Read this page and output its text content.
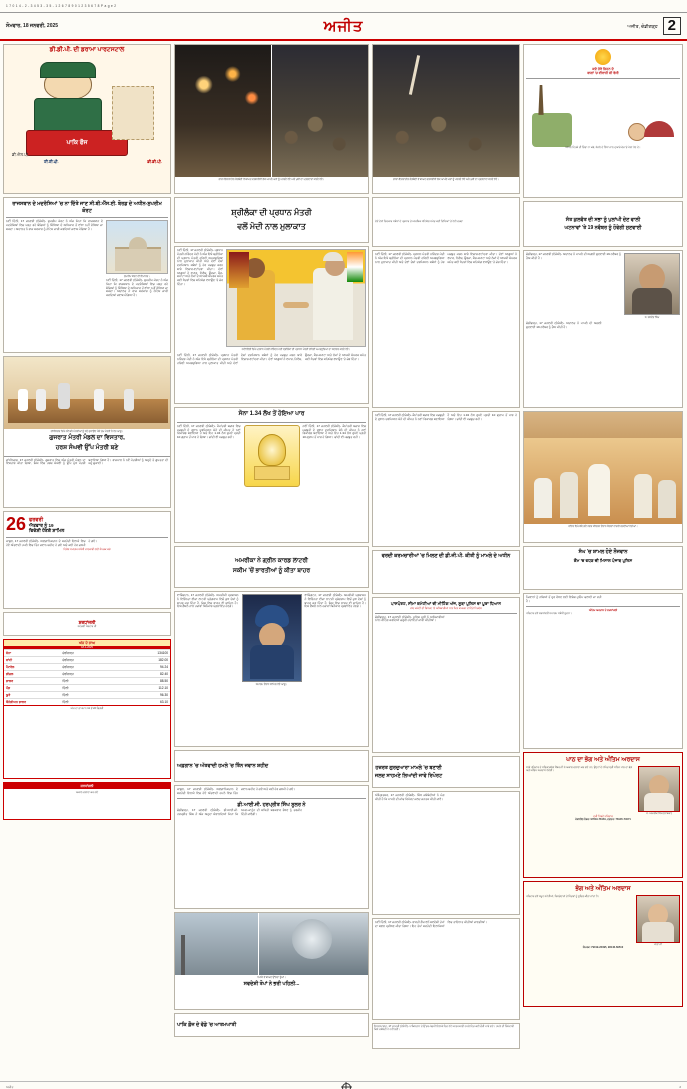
1 7 0 1 4 - 2 - 3 4 5 3 - 3 5 - 1 2 6 7 8 9 0 1 2 3 5 6 7 8 P a g e 2
ਸੋਮਵਾਰ, 18 ਜਨਵਰੀ, 2025	ਅਜੀਤ	ਅਜੀਤ, ਚੰਡੀਗੜ੍ਹ 2
ਡੀ.ਡੀ.ਪੀ. ਦੀ ਡਰਾਮਾ ਪਾਰਟਸਟਾਲ
ਪਾਕਿ ਫੌਜ
ਡੀ.ਡੀ.ਪੀ.
ਟੀ.ਟੀ.ਪੀ.
ਡੀ.ਐਲ.ਪੀ.
ਰਾਜਸਥਾਨ ਦੇ ਮਦਰੱਸਿਆਂ 'ਚ ਨਾ ਦਿੱਤੇ ਜਾਣ ਸੀ.ਬੀ.ਐੱਸ.ਈ. ਬੋਰਡ ਦੇ ਅਧੀਨ-ਸੁਪਰੀਮ ਕੋਰਟ
ਨਵੀਂ ਦਿੱਲੀ, 17 ਜਨਵਰੀ (ਏਜੰਸੀ)- ਸੁਪਰੀਮ ਕੋਰਟ ਨੇ ਅੱਜ ਕਿਹਾ ਕਿ ਰਾਜਸਥਾਨ ਦੇ ਮਦਰੱਸਿਆਂ ਵਿਚ ਪੜ੍ਹ ਰਹੇ ਬੱਚਿਆਂ ਨੂੰ ਸਿੱਖਿਆ ਦੇ ਅਧਿਕਾਰ ਤੋਂ ਵਾਂਝਾ ਨਹੀਂ ਰੱਖਿਆ ਜਾ ਸਕਦਾ। ਅਦਾਲਤ ਨੇ ਰਾਜ ਸਰਕਾਰ ਨੂੰ ਨੋਟਿਸ ਜਾਰੀ ਕਰਦਿਆਂ ਜਵਾਬ ਮੰਗਿਆ ਹੈ।
ਸੁਪਰੀਮ ਕੋਰਟ ਦੀ ਇਮਾਰਤ।
ਨਵੀਂ ਦਿੱਲੀ, 17 ਜਨਵਰੀ (ਏਜੰਸੀ)- ਸੁਪਰੀਮ ਕੋਰਟ ਨੇ ਅੱਜ ਕਿਹਾ ਕਿ ਰਾਜਸਥਾਨ ਦੇ ਮਦਰੱਸਿਆਂ ਵਿਚ ਪੜ੍ਹ ਰਹੇ ਬੱਚਿਆਂ ਨੂੰ ਸਿੱਖਿਆ ਦੇ ਅਧਿਕਾਰ ਤੋਂ ਵਾਂਝਾ ਨਹੀਂ ਰੱਖਿਆ ਜਾ ਸਕਦਾ। ਅਦਾਲਤ ਨੇ ਰਾਜ ਸਰਕਾਰ ਨੂੰ ਨੋਟਿਸ ਜਾਰੀ ਕਰਦਿਆਂ ਜਵਾਬ ਮੰਗਿਆ ਹੈ।
ਗਾਂਧੀਨਗਰ ਵਿਖੇ ਨਵੇਂ ਬਣੇ ਮੰਤਰੀਆਂ ਨੂੰ ਸਹੁੰ ਚੁਕਾਉਣ ਮੌਕੇ ਮੁੱਖ ਮੰਤਰੀ ਤੇ ਹੋਰ ਆਗੂ।
ਗੁਜਰਾਤ ਮੰਤਰੀ ਮੰਡਲ ਦਾ ਵਿਸਤਾਰ,
ਹਰਸ਼ ਸੰਘਵੀ ਉੱਪ ਮੰਤਰੀ ਬਣੇ
ਗਾਂਧੀਨਗਰ, 17 ਜਨਵਰੀ (ਏਜੰਸੀ)- ਗੁਜਰਾਤ ਵਿਚ ਅੱਜ ਮੰਤਰੀ ਮੰਡਲ ਦਾ ਵਿਸਤਾਰ ਕੀਤਾ ਗਿਆ, ਜਿਸ ਵਿਚ ਹਰਸ਼ ਸੰਘਵੀ ਨੂੰ ਉੱਪ ਮੁੱਖ ਮੰਤਰੀ ਬਣਾਇਆ ਗਿਆ ਹੈ। ਰਾਜਪਾਲ ਨੇ ਨਵੇਂ ਮੰਤਰੀਆਂ ਨੂੰ ਅਹੁਦੇ ਤੇ ਗੁਪਤਤਾ ਦੀ ਸਹੁੰ ਚੁਕਾਈ।
26 ਫਰਵਰੀ
ਐਤਵਾਰ ਨੂੰ 19
ਵਿਦੇਸ਼ੀ ਹੋਣਗੇ ਸ਼ਾਮਿਲ
ਕਾਬੁਲ, 17 ਜਨਵਰੀ (ਏਜੰਸੀ)- ਅਫ਼ਗਾਨਿਸਤਾਨ ਦੇ ਸਰਹੱਦੀ ਇਲਾਕੇ ਵਿਚ ਹੋਏ ਅੱਤਵਾਦੀ ਹਮਲੇ ਵਿਚ ਤਿੰਨ ਜਵਾਨ ਸ਼ਹੀਦ ਹੋ ਗਏ ਅਤੇ ਕਈ ਹੋਰ ਜ਼ਖ਼ਮੀ ਹੋ ਗਏ।
ਵਿਸ਼ੇਸ਼ ਸਮਾਗਮ ਸਬੰਧੀ ਜਾਣਕਾਰੀ ਲਈ ਸੰਪਰਕ ਕਰੋ
ਸ਼ਰਧਾਂਜਲੀ
ਸਵਰਗੀ ਸਰਦਾਰ ਜੀ
ਅੱਜ ਦੇ ਭਾਅ
18-1-2025
ਸੋਨਾ	ਚੰਡੀਗੜ੍ਹ	134100
ਚਾਂਦੀ	ਚੰਡੀਗੜ੍ਹ	182.00
ਪੈਟਰੋਲ	ਚੰਡੀਗੜ੍ਹ	94.24
ਡੀਜ਼ਲ	ਚੰਡੀਗੜ੍ਹ	82.40
ਡਾਲਰ	ਦਿੱਲੀ	88.50
ਪੌਂਡ	ਦਿੱਲੀ	112.10
ਯੂਰੋ	ਦਿੱਲੀ	96.30
ਕੈਨੇਡੀਅਨ ਡਾਲਰ	ਦਿੱਲੀ	63.10
ਅੱਜ ਦਾ ਤਾਪਮਾਨ 11 ਤੋਂ 22 ਡਿਗਰੀ
ਸ਼ਰਧਾਂਜਲੀ
ਅਕਾਲ ਚਲਾਣਾ ਕਰ ਗਏ
ਗਾਜ਼ਾ-ਇਜ਼ਰਾਈਲ ਜੰਗਬੰਦੀ ਤੋਂ ਬਾਅਦ ਫਲਸਤੀਨੀ ਲੋਕ ਆਪਣੇ ਘਰਾਂ ਨੂੰ ਪਰਤਦੇ ਹੋਏ ਅਤੇ ਖੁਸ਼ੀ ਦਾ ਪ੍ਰਗਟਾਵਾ ਕਰਦੇ ਹੋਏ।
ਸ਼੍ਰੀਲੰਕਾ ਦੀ ਪ੍ਰਧਾਨ ਮੰਤਰੀ
ਵਲੋਂ ਮੋਦੀ ਨਾਲ ਮੁਲਾਕਾਤ
ਨਵੀਂ ਦਿੱਲੀ, 17 ਜਨਵਰੀ (ਏਜੰਸੀ)- ਪ੍ਰਧਾਨ ਮੰਤਰੀ ਨਰਿੰਦਰ ਮੋਦੀ ਨੇ ਅੱਜ ਇਥੇ ਸ਼੍ਰੀਲੰਕਾ ਦੀ ਪ੍ਰਧਾਨ ਮੰਤਰੀ ਹਰਿਣੀ ਅਮਰਸੂਰਿਆ ਨਾਲ ਮੁਲਾਕਾਤ ਕੀਤੀ ਅਤੇ ਦੋਵਾਂ ਦੇਸ਼ਾਂ ਦਰਮਿਆਨ ਸਬੰਧਾਂ ਨੂੰ ਹੋਰ ਮਜ਼ਬੂਤ ਕਰਨ ਬਾਰੇ ਵਿਚਾਰ-ਵਟਾਂਦਰਾ ਕੀਤਾ। ਦੋਵਾਂ ਆਗੂਆਂ ਨੇ ਵਪਾਰ, ਨਿਵੇਸ਼, ਊਰਜਾ, ਸੈਰ-ਸਪਾਟਾ ਅਤੇ ਲੋਕਾਂ ਦੇ ਆਪਸੀ ਸੰਪਰਕ ਸਮੇਤ ਕਈ ਖੇਤਰਾਂ ਵਿਚ ਸਹਿਯੋਗ ਵਧਾਉਣ 'ਤੇ ਜ਼ੋਰ ਦਿੱਤਾ।
ਨਵੀਂ ਦਿੱਲੀ ਵਿਖੇ ਪ੍ਰਧਾਨ ਮੰਤਰੀ ਨਰਿੰਦਰ ਮੋਦੀ ਸ਼੍ਰੀਲੰਕਾ ਦੀ ਪ੍ਰਧਾਨ ਮੰਤਰੀ ਹਰਿਣੀ ਅਮਰਸੂਰਿਆ ਦਾ ਸਵਾਗਤ ਕਰਦੇ ਹੋਏ।
ਨਵੀਂ ਦਿੱਲੀ, 17 ਜਨਵਰੀ (ਏਜੰਸੀ)- ਪ੍ਰਧਾਨ ਮੰਤਰੀ ਨਰਿੰਦਰ ਮੋਦੀ ਨੇ ਅੱਜ ਇਥੇ ਸ਼੍ਰੀਲੰਕਾ ਦੀ ਪ੍ਰਧਾਨ ਮੰਤਰੀ ਹਰਿਣੀ ਅਮਰਸੂਰਿਆ ਨਾਲ ਮੁਲਾਕਾਤ ਕੀਤੀ ਅਤੇ ਦੋਵਾਂ ਦੇਸ਼ਾਂ ਦਰਮਿਆਨ ਸਬੰਧਾਂ ਨੂੰ ਹੋਰ ਮਜ਼ਬੂਤ ਕਰਨ ਬਾਰੇ ਵਿਚਾਰ-ਵਟਾਂਦਰਾ ਕੀਤਾ। ਦੋਵਾਂ ਆਗੂਆਂ ਨੇ ਵਪਾਰ, ਨਿਵੇਸ਼, ਊਰਜਾ, ਸੈਰ-ਸਪਾਟਾ ਅਤੇ ਲੋਕਾਂ ਦੇ ਆਪਸੀ ਸੰਪਰਕ ਸਮੇਤ ਕਈ ਖੇਤਰਾਂ ਵਿਚ ਸਹਿਯੋਗ ਵਧਾਉਣ 'ਤੇ ਜ਼ੋਰ ਦਿੱਤਾ।
ਸੋਨਾ 1.34 ਲੱਖ ਤੋਂ ਹੋਇਆ ਪਾਰ
ਨਵੀਂ ਦਿੱਲੀ, 17 ਜਨਵਰੀ (ਏਜੰਸੀ)- ਕੌਮਾਂਤਰੀ ਬਜ਼ਾਰ ਵਿਚ ਮਜ਼ਬੂਤੀ ਦੇ ਰੁਝਾਨ ਦਰਮਿਆਨ ਸੋਨੇ ਦੀ ਕੀਮਤ ਨੇ ਨਵਾਂ ਰਿਕਾਰਡ ਬਣਾਇਆ ਹੈ ਅਤੇ ਇਹ 1.34 ਲੱਖ ਰੁਪਏ ਪ੍ਰਤੀ 10 ਗ੍ਰਾਮ ਤੋਂ ਪਾਰ ਹੋ ਗਿਆ। ਚਾਂਦੀ ਵੀ ਮਜ਼ਬੂਤ ਰਹੀ।
ਨਵੀਂ ਦਿੱਲੀ, 17 ਜਨਵਰੀ (ਏਜੰਸੀ)- ਕੌਮਾਂਤਰੀ ਬਜ਼ਾਰ ਵਿਚ ਮਜ਼ਬੂਤੀ ਦੇ ਰੁਝਾਨ ਦਰਮਿਆਨ ਸੋਨੇ ਦੀ ਕੀਮਤ ਨੇ ਨਵਾਂ ਰਿਕਾਰਡ ਬਣਾਇਆ ਹੈ ਅਤੇ ਇਹ 1.34 ਲੱਖ ਰੁਪਏ ਪ੍ਰਤੀ 10 ਗ੍ਰਾਮ ਤੋਂ ਪਾਰ ਹੋ ਗਿਆ। ਚਾਂਦੀ ਵੀ ਮਜ਼ਬੂਤ ਰਹੀ।
ਅਮਰੀਕਾ ਨੇ ਗ੍ਰੀਨ ਕਾਰਡ ਲਾਟਰੀ
ਸਕੀਮ 'ਚੋਂ ਭਾਰਤੀਆਂ ਨੂੰ ਕੀਤਾ ਬਾਹਰ
ਵਾਸ਼ਿੰਗਟਨ, 17 ਜਨਵਰੀ (ਏਜੰਸੀ)- ਅਮਰੀਕੀ ਪ੍ਰਸ਼ਾਸਨ ਨੇ ਵਿਭਿੰਨਤਾ ਵੀਜ਼ਾ ਲਾਟਰੀ ਪ੍ਰੋਗਰਾਮ ਵਿਚੋਂ ਕੁਝ ਦੇਸ਼ਾਂ ਨੂੰ ਬਾਹਰ ਕਰ ਦਿੱਤਾ ਹੈ, ਜਿਸ ਵਿਚ ਭਾਰਤ ਵੀ ਸ਼ਾਮਿਲ ਹੈ। ਇਸ ਫ਼ੈਸਲੇ ਨਾਲ ਹਜ਼ਾਰਾਂ ਬਿਨੈਕਾਰ ਪ੍ਰਭਾਵਿਤ ਹੋਣਗੇ।
ਸਮਾਗਮ ਦੌਰਾਨ ਸ਼ਾਮਿਲ ਹੋਏ ਆਗੂ।
ਵਾਸ਼ਿੰਗਟਨ, 17 ਜਨਵਰੀ (ਏਜੰਸੀ)- ਅਮਰੀਕੀ ਪ੍ਰਸ਼ਾਸਨ ਨੇ ਵਿਭਿੰਨਤਾ ਵੀਜ਼ਾ ਲਾਟਰੀ ਪ੍ਰੋਗਰਾਮ ਵਿਚੋਂ ਕੁਝ ਦੇਸ਼ਾਂ ਨੂੰ ਬਾਹਰ ਕਰ ਦਿੱਤਾ ਹੈ, ਜਿਸ ਵਿਚ ਭਾਰਤ ਵੀ ਸ਼ਾਮਿਲ ਹੈ। ਇਸ ਫ਼ੈਸਲੇ ਨਾਲ ਹਜ਼ਾਰਾਂ ਬਿਨੈਕਾਰ ਪ੍ਰਭਾਵਿਤ ਹੋਣਗੇ।
ਅਫ਼ਗਾਨ 'ਚ ਅੱਤਵਾਦੀ ਹਮਲੇ 'ਚ ਤਿੰਨ ਜਵਾਨ ਸ਼ਹੀਦ
ਕਾਬੁਲ, 17 ਜਨਵਰੀ (ਏਜੰਸੀ)- ਅਫ਼ਗਾਨਿਸਤਾਨ ਦੇ ਸਰਹੱਦੀ ਇਲਾਕੇ ਵਿਚ ਹੋਏ ਅੱਤਵਾਦੀ ਹਮਲੇ ਵਿਚ ਤਿੰਨ ਜਵਾਨ ਸ਼ਹੀਦ ਹੋ ਗਏ ਅਤੇ ਕਈ ਹੋਰ ਜ਼ਖ਼ਮੀ ਹੋ ਗਏ।
ਡੀ.ਆਈ.ਜੀ. ਹਰਪ੍ਰੀਤ ਸਿੰਘ ਸੂਲਰ ਨੇ
ਚੰਡੀਗੜ੍ਹ, 17 ਜਨਵਰੀ (ਏਜੰਸੀ)- ਡੀ.ਆਈ.ਜੀ. ਹਰਪ੍ਰੀਤ ਸਿੰਘ ਨੇ ਅੱਜ ਅਹੁਦਾ ਸੰਭਾਲਦਿਆਂ ਕਿਹਾ ਕਿ ਅਮਨ-ਕਾਨੂੰਨ ਦੀ ਸਥਿਤੀ ਬਰਕਰਾਰ ਰੱਖਣ ਨੂੰ ਤਰਜੀਹ ਦਿੱਤੀ ਜਾਵੇਗੀ।
ਧਮਾਕੇ ਤੋਂ ਬਾਅਦ ਉੱਠਦਾ ਧੂੰਆਂ।
ਸਵਦੇਸ਼ੀ ਤੋਪਾਂ ਨੇ ਭਰੀ ਪਹਿਲੀ...
ਪਾਕਿ ਫ਼ੌਜ ਦੇ ਵੱਡੇ 'ਚ ਆਤਮਘਾਤੀ
ਗਾਜ਼ਾ-ਇਜ਼ਰਾਈਲ ਜੰਗਬੰਦੀ ਤੋਂ ਬਾਅਦ ਫਲਸਤੀਨੀ ਲੋਕ ਆਪਣੇ ਘਰਾਂ ਨੂੰ ਪਰਤਦੇ ਹੋਏ ਅਤੇ ਖੁਸ਼ੀ ਦਾ ਪ੍ਰਗਟਾਵਾ ਕਰਦੇ ਹੋਏ।
ਦੋਵੇਂ ਦੇਸ਼ਾਂ ਵਿਚਕਾਰ ਸਬੰਧਾਂ ਦੇ ਪ੍ਰਸਾਰ ਤੇ ਆਰਥਿਕ ਸਹਿਯੋਗ ਸਮੇਤ ਕਈ ਵਿਸ਼ਿਆਂ 'ਤੇ ਹੋਈ ਚਰਚਾ
ਨਵੀਂ ਦਿੱਲੀ, 17 ਜਨਵਰੀ (ਏਜੰਸੀ)- ਪ੍ਰਧਾਨ ਮੰਤਰੀ ਨਰਿੰਦਰ ਮੋਦੀ ਨੇ ਅੱਜ ਇਥੇ ਸ਼੍ਰੀਲੰਕਾ ਦੀ ਪ੍ਰਧਾਨ ਮੰਤਰੀ ਹਰਿਣੀ ਅਮਰਸੂਰਿਆ ਨਾਲ ਮੁਲਾਕਾਤ ਕੀਤੀ ਅਤੇ ਦੋਵਾਂ ਦੇਸ਼ਾਂ ਦਰਮਿਆਨ ਸਬੰਧਾਂ ਨੂੰ ਹੋਰ ਮਜ਼ਬੂਤ ਕਰਨ ਬਾਰੇ ਵਿਚਾਰ-ਵਟਾਂਦਰਾ ਕੀਤਾ। ਦੋਵਾਂ ਆਗੂਆਂ ਨੇ ਵਪਾਰ, ਨਿਵੇਸ਼, ਊਰਜਾ, ਸੈਰ-ਸਪਾਟਾ ਅਤੇ ਲੋਕਾਂ ਦੇ ਆਪਸੀ ਸੰਪਰਕ ਸਮੇਤ ਕਈ ਖੇਤਰਾਂ ਵਿਚ ਸਹਿਯੋਗ ਵਧਾਉਣ 'ਤੇ ਜ਼ੋਰ ਦਿੱਤਾ।
ਨਵੀਂ ਦਿੱਲੀ, 17 ਜਨਵਰੀ (ਏਜੰਸੀ)- ਕੌਮਾਂਤਰੀ ਬਜ਼ਾਰ ਵਿਚ ਮਜ਼ਬੂਤੀ ਦੇ ਰੁਝਾਨ ਦਰਮਿਆਨ ਸੋਨੇ ਦੀ ਕੀਮਤ ਨੇ ਨਵਾਂ ਰਿਕਾਰਡ ਬਣਾਇਆ ਹੈ ਅਤੇ ਇਹ 1.34 ਲੱਖ ਰੁਪਏ ਪ੍ਰਤੀ 10 ਗ੍ਰਾਮ ਤੋਂ ਪਾਰ ਹੋ ਗਿਆ। ਚਾਂਦੀ ਵੀ ਮਜ਼ਬੂਤ ਰਹੀ।
ਵਰਦੀ ਕਰਮਚਾਰੀਆਂ 'ਚ ਮਿਲਣ ਦੀ ਡੀ.ਜੀ.ਪੀ. ਕੀਤੀ ਨੂੰ ਮਾਮਲੇ ਦੇ ਅਧੀਨ
ਪਾਸਪੋਰਟ, ਸੀਮਾ ਕਮੇਟੀਆਂ ਦੀ ਮੀਟਿੰਗ ਅੱਜ, ਸੂਬਾ ਪੁਲਿਸ ਦਾ ਪੂਰਾ ਧਿਆਨ
ਜਾਂਚ ਕਮੇਟੀ ਦੀ ਰਿਪੋਰਟ 'ਤੇ ਅਧਿਕਾਰੀਆਂ ਨਾਲ ਮਿਲ ਕੇ ਕਰਨ ਦੇ ਦਿੱਤੇ ਨਿਰਦੇਸ਼
ਚੰਡੀਗੜ੍ਹ, 17 ਜਨਵਰੀ (ਏਜੰਸੀ)- ਪੁਲਿਸ ਮੁਖੀ ਨੇ ਅਧਿਕਾਰੀਆਂ ਨਾਲ ਮੀਟਿੰਗ ਕਰਦਿਆਂ ਜ਼ਰੂਰੀ ਹਦਾਇਤਾਂ ਜਾਰੀ ਕੀਤੀਆਂ।
ਹਜ਼ਰਤ ਗੁਰਦੁਆਰਾ ਮਾਮਲੇ 'ਚ ਬਣਾਈ
ਜਲਦ ਸਾਹਮਣੇ ਲਿਆਂਦੀ ਜਾਵੇ ਰਿਪੋਰਟ
ਅੰਮ੍ਰਿਤਸਰ, 17 ਜਨਵਰੀ (ਏਜੰਸੀ)- ਸਿੱਖ ਜਥੇਬੰਦੀਆਂ ਨੇ ਮੰਗ ਕੀਤੀ ਹੈ ਕਿ ਮਾਮਲੇ ਦੀ ਜਾਂਚ ਰਿਪੋਰਟ ਜਲਦ ਜਨਤਕ ਕੀਤੀ ਜਾਵੇ।
ਨਵੀਂ ਦਿੱਲੀ, 17 ਜਨਵਰੀ (ਏਜੰਸੀ)- ਭਾਰਤੀ ਫ਼ੌਜ ਵਲੋਂ ਸਵਦੇਸ਼ੀ ਤੋਪਾਂ ਦਾ ਸਫ਼ਲ ਪ੍ਰੀਖਣ ਕੀਤਾ ਗਿਆ। ਇਹ ਤੋਪਾਂ ਸਰਹੱਦੀ ਇਲਾਕਿਆਂ ਵਿਚ ਤਾਇਨਾਤ ਕੀਤੀਆਂ ਜਾਣਗੀਆਂ।
ਇਸਲਾਮਾਬਾਦ, 17 ਜਨਵਰੀ (ਏਜੰਸੀ)- ਪਾਕਿਸਤਾਨ ਦੇ ਉੱਤਰ-ਪੱਛਮੀ ਇਲਾਕੇ ਵਿਚ ਹੋਏ ਆਤਮਘਾਤੀ ਹਮਲੇ ਵਿਚ ਕਈ ਫ਼ੌਜੀ ਮਾਰੇ ਗਏ। ਹਮਲੇ ਦੀ ਜ਼ਿੰਮੇਵਾਰੀ ਕਿਸੇ ਜਥੇਬੰਦੀ ਨੇ ਨਹੀਂ ਲਈ।
ਕਦੇ ਤੇਰੇ ਜਿਹਨ ਦੇ
ਬਾਗਾਂ 'ਚ ਵੀਰਾਨੀ ਸੀ ਵੱਸੀ
ਆਪਣੇ ਵਿਹੜੇ ਦੀ ਚਿੰਤਾ ਨਾ ਕਰੋ, ਸੱਜਣੋ ਦੇ ਹਿੱਸਾ ਜਾਣ ਦੁਆਰੇ ਫੇਰ 'ਤੇ ਮੇਲਾ ਹੋਣ ਦੇ।
ਸੰਤ ਕੁਲਵੰਤ ਦੀ ਸਭਾ ਨੂੰ ਪੁਲਾਂਘੀ ਦੇਣ ਵਾਲੀ
ਘਟਨਾਵਾਂ 'ਤੇ 19 ਨਵੰਬਰ ਨੂੰ ਹੋਵੇਗੀ ਸੁਣਵਾਈ
ਚੰਡੀਗੜ੍ਹ, 17 ਜਨਵਰੀ (ਏਜੰਸੀ)- ਅਦਾਲਤ ਨੇ ਮਾਮਲੇ ਦੀ ਅਗਲੀ ਸੁਣਵਾਈ 19 ਨਵੰਬਰ ਨੂੰ ਤੈਅ ਕੀਤੀ ਹੈ।
ਸ. ਜਸਵੰਤ ਸਿੰਘ
ਚੰਡੀਗੜ੍ਹ, 17 ਜਨਵਰੀ (ਏਜੰਸੀ)- ਅਦਾਲਤ ਨੇ ਮਾਮਲੇ ਦੀ ਅਗਲੀ ਸੁਣਵਾਈ 19 ਨਵੰਬਰ ਨੂੰ ਤੈਅ ਕੀਤੀ ਹੈ।
ਸ਼ਹਿਰ ਵਿਖੇ ਕੱਢੇ ਗਏ ਨਗਰ ਕੀਰਤਨ ਦੌਰਾਨ ਸੰਗਤਾਂ ਹਾਜ਼ਰੀ ਭਰਦੀਆਂ ਹੋਈਆਂ।
ਸੰਘ 'ਚ ਸ਼ਾਮਲ ਹੋਏ ਨੌਜਵਾਨ
ਕੌਮ 'ਚ ਵਧਣ ਦੀ ਮਿਸਾਲ ਪੰਜਾਬ ਪੁਲਿਸ
ਨੌਜਵਾਨਾਂ ਨੂੰ ਨਸ਼ਿਆਂ ਤੋਂ ਦੂਰ ਰੱਖਣ ਲਈ ਵਿਸ਼ੇਸ਼ ਮੁਹਿੰਮ ਚਲਾਈ ਜਾ ਰਹੀ ਹੈ।
ਅੰਤਿਮ ਅਰਦਾਸ ਤੇ ਸ਼ਰਧਾਂਜਲੀ
ਪਰਿਵਾਰ ਵਲੋਂ ਸ਼ਰਧਾਂਜਲੀ ਸਮਾਗਮ ਸਬੰਧੀ ਸੂਚਨਾ।
ਪਾਠ ਦਾ ਭੋਗ ਅਤੇ ਅੰਤਿਮ ਅਰਦਾਸ
ਸਾਡੇ ਪਰਿਵਾਰ ਦੇ ਸਤਿਕਾਰਯੋਗ ਮੈਂਬਰ ਜੀ ਜੋ ਅਕਾਲ ਚਲਾਣਾ ਕਰ ਗਏ ਹਨ, ਉਨ੍ਹਾਂ ਦੇ ਨਮਿਤ ਸ੍ਰੀ ਸਹਿਜ ਪਾਠ ਦਾ ਭੋਗ ਅਤੇ ਅੰਤਿਮ ਅਰਦਾਸ ਹੋਵੇਗੀ।
ਸ. ਅਮਰੀਕ ਸਿੰਘ (ਸਾਬਕਾ)
ਦੁਖੀ ਹਿਰਦੇ ਪਰਿਵਾਰ
ਮੋਬਾਈਲ ਨੰਬਰ: 97819-78181, ਦਫ਼ਤਰ: 78145-74071
ਭੋਗ ਅਤੇ ਅੰਤਿਮ ਅਰਦਾਸ
ਪਰਿਵਾਰ ਵਲੋਂ ਸਮੂਹ ਸਨੇਹੀਆਂ, ਰਿਸ਼ਤੇਦਾਰਾਂ ਤੇ ਮਿੱਤਰਾਂ ਨੂੰ ਸੂਚਿਤ ਕੀਤਾ ਜਾਂਦਾ ਹੈ।
ਮਾਤਾ ਜੀ
ਸੰਪਰਕ: 79019-22395, 98146-69510
ਅਜੀਤ	2
